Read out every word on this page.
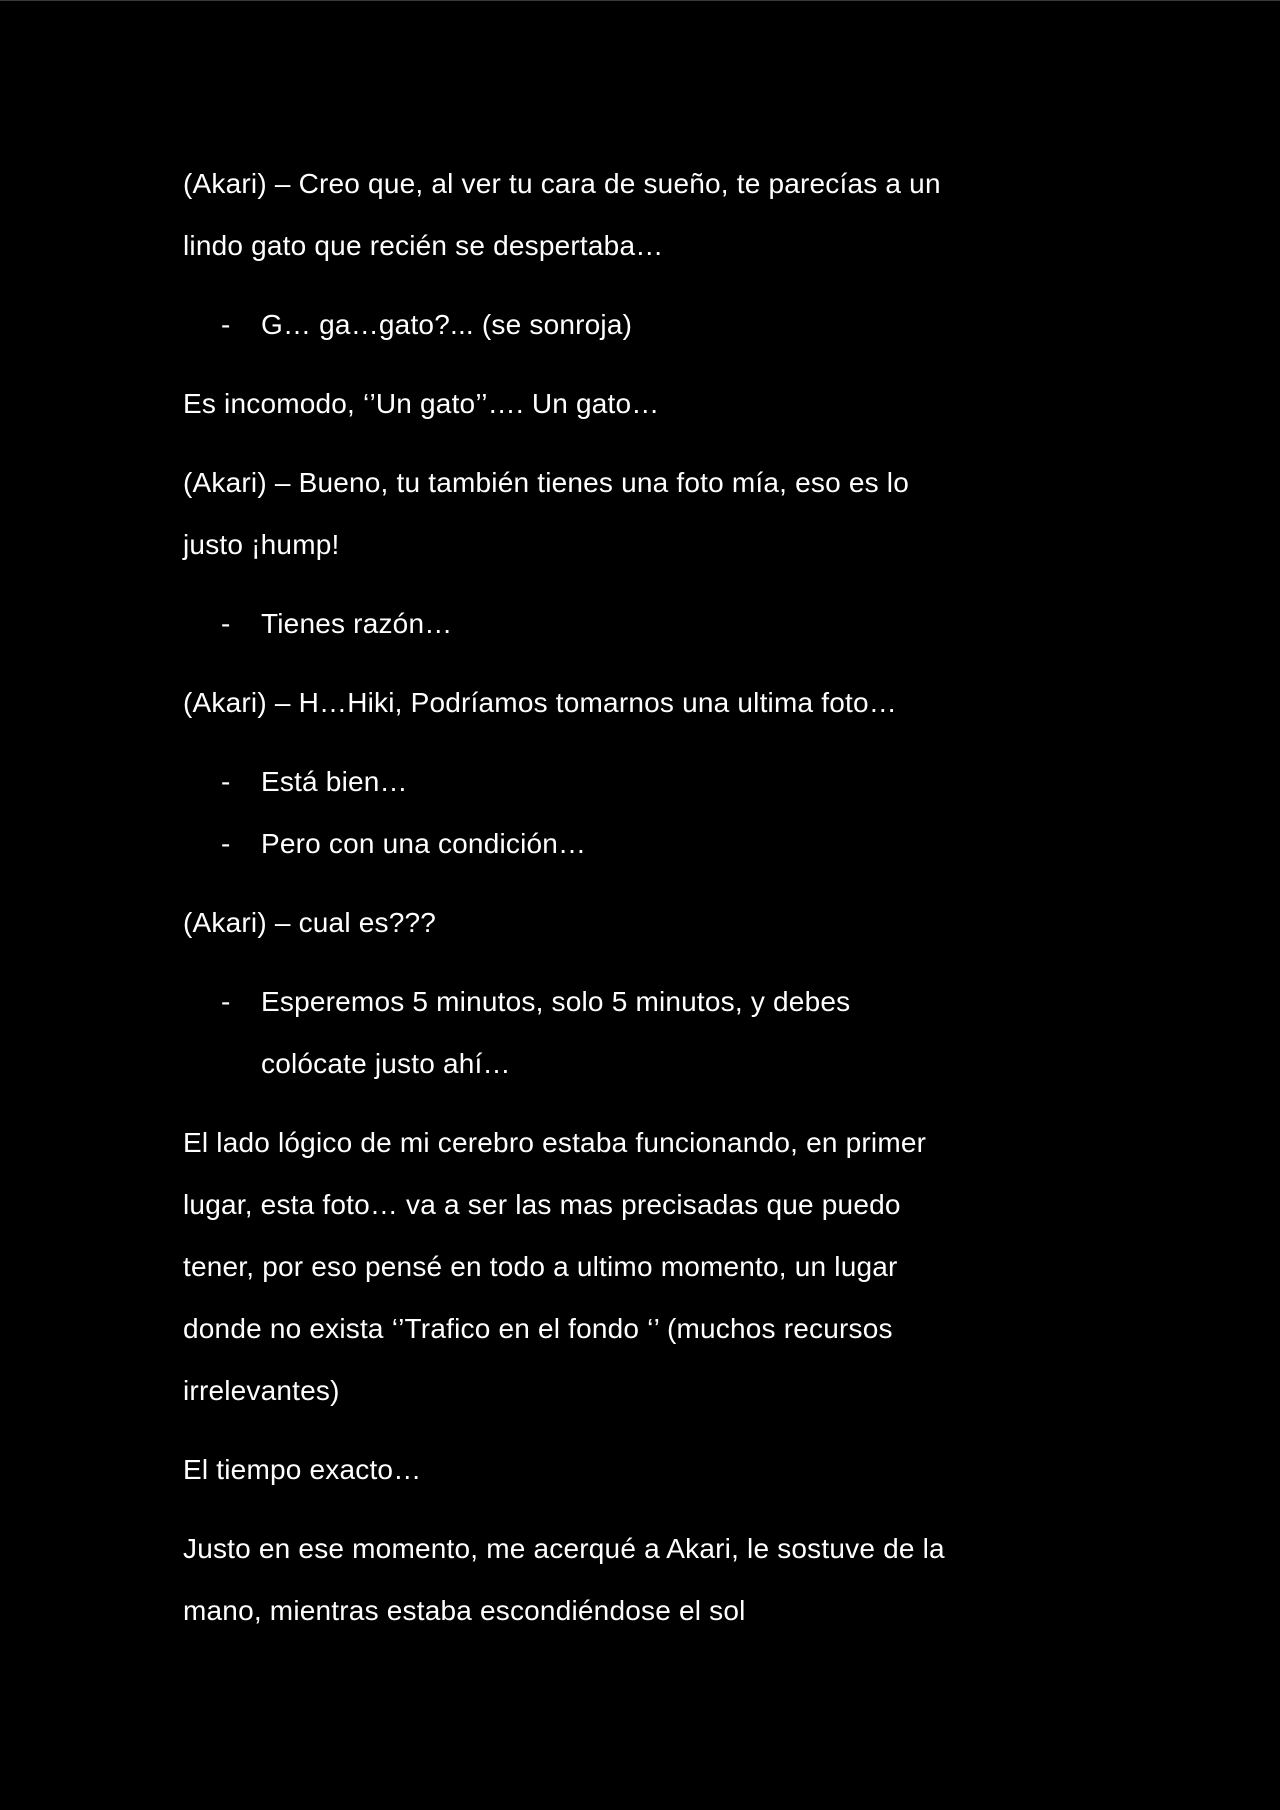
(Akari) – Creo que, al ver tu cara de sueño, te parecías a un
lindo gato que recién se despertaba…

- G… ga…gato?... (se sonroja)

Es incomodo, ‘’Un gato’’…. Un gato…

(Akari) – Bueno, tu también tienes una foto mía, eso es lo
justo ¡hump!

- Tienes razón…

(Akari) – H…Hiki, Podríamos tomarnos una ultima foto…

- Está bien…
- Pero con una condición…

(Akari) – cual es???

- Esperemos 5 minutos, solo 5 minutos, y debes
colócate justo ahí…

El lado lógico de mi cerebro estaba funcionando, en primer
lugar, esta foto… va a ser las mas precisadas que puedo
tener, por eso pensé en todo a ultimo momento, un lugar
donde no exista ‘’Trafico en el fondo ‘’ (muchos recursos
irrelevantes)

El tiempo exacto…

Justo en ese momento, me acerqué a Akari, le sostuve de la
mano, mientras estaba escondiéndose el sol
